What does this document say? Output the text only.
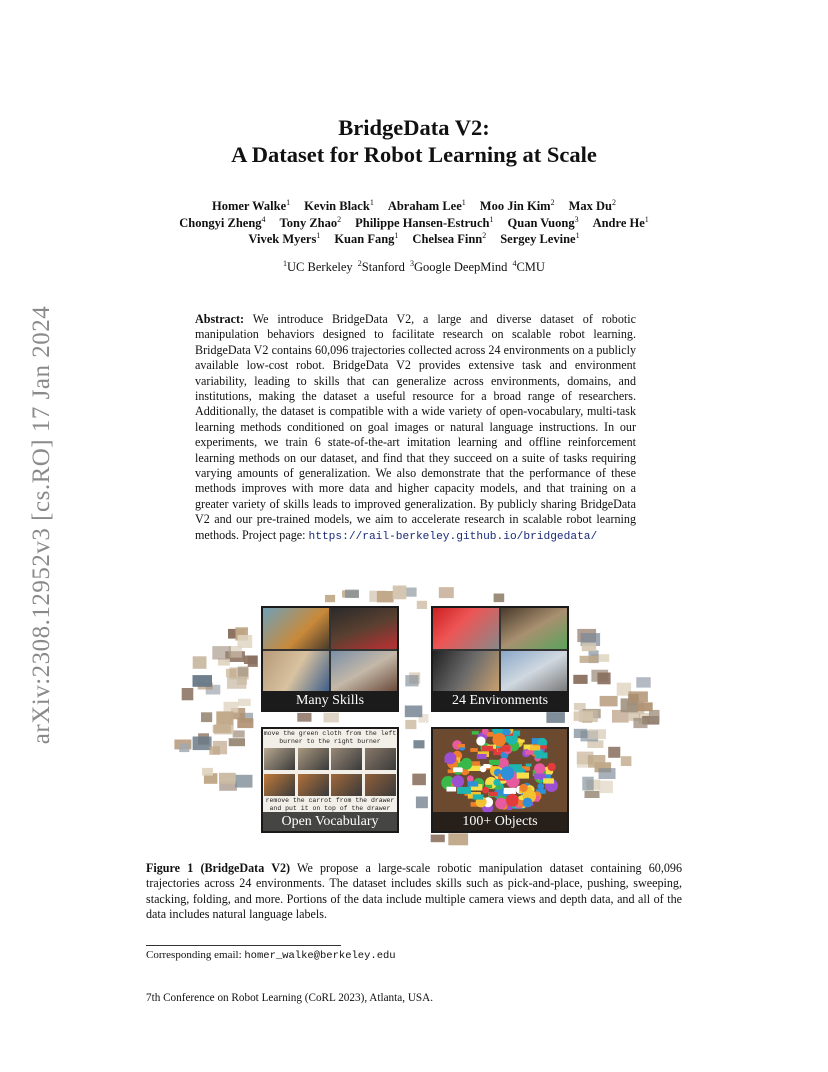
arXiv:2308.12952v3 [cs.RO] 17 Jan 2024
BridgeData V2:
A Dataset for Robot Learning at Scale
Homer Walke$^1$ Kevin Black$^1$ Abraham Lee$^1$ Moo Jin Kim$^2$ Max Du$^2$
Chongyi Zheng$^4$ Tony Zhao$^2$ Philippe Hansen-Estruch$^1$ Quan Vuong$^3$ Andre He$^1$
Vivek Myers$^1$ Kuan Fang$^1$ Chelsea Finn$^2$ Sergey Levine$^1$
$^1$UC Berkeley $^2$Stanford $^3$Google DeepMind $^4$CMU
Abstract: We introduce BridgeData V2, a large and diverse dataset of robotic manipulation behaviors designed to facilitate research on scalable robot learning. BridgeData V2 contains 60,096 trajectories collected across 24 environments on a publicly available low-cost robot. BridgeData V2 provides extensive task and environment variability, leading to skills that can generalize across environments, domains, and institutions, making the dataset a useful resource for a broad range of researchers. Additionally, the dataset is compatible with a wide variety of open-vocabulary, multi-task learning methods conditioned on goal images or natural language instructions. In our experiments, we train 6 state-of-the-art imitation learning and offline reinforcement learning methods on our dataset, and find that they succeed on a suite of tasks requiring varying amounts of generalization. We also demonstrate that the performance of these methods improves with more data and higher capacity models, and that training on a greater variety of skills leads to improved generalization. By publicly sharing BridgeData V2 and our pre-trained models, we aim to accelerate research in scalable robot learning methods. Project page: https://rail-berkeley.github.io/bridgedata/
Many Skills	24 Environments
move the green cloth from the left burner to the right burner
remove the carrot from the drawer and put it on top of the drawer
Open Vocabulary	100+ Objects
Figure 1 (BridgeData V2) We propose a large-scale robotic manipulation dataset containing 60,096 trajectories across 24 environments. The dataset includes skills such as pick-and-place, pushing, sweeping, stacking, folding, and more. Portions of the data include multiple camera views and depth data, and all of the data includes natural language labels.
Corresponding email: homer_walke@berkeley.edu
7th Conference on Robot Learning (CoRL 2023), Atlanta, USA.
